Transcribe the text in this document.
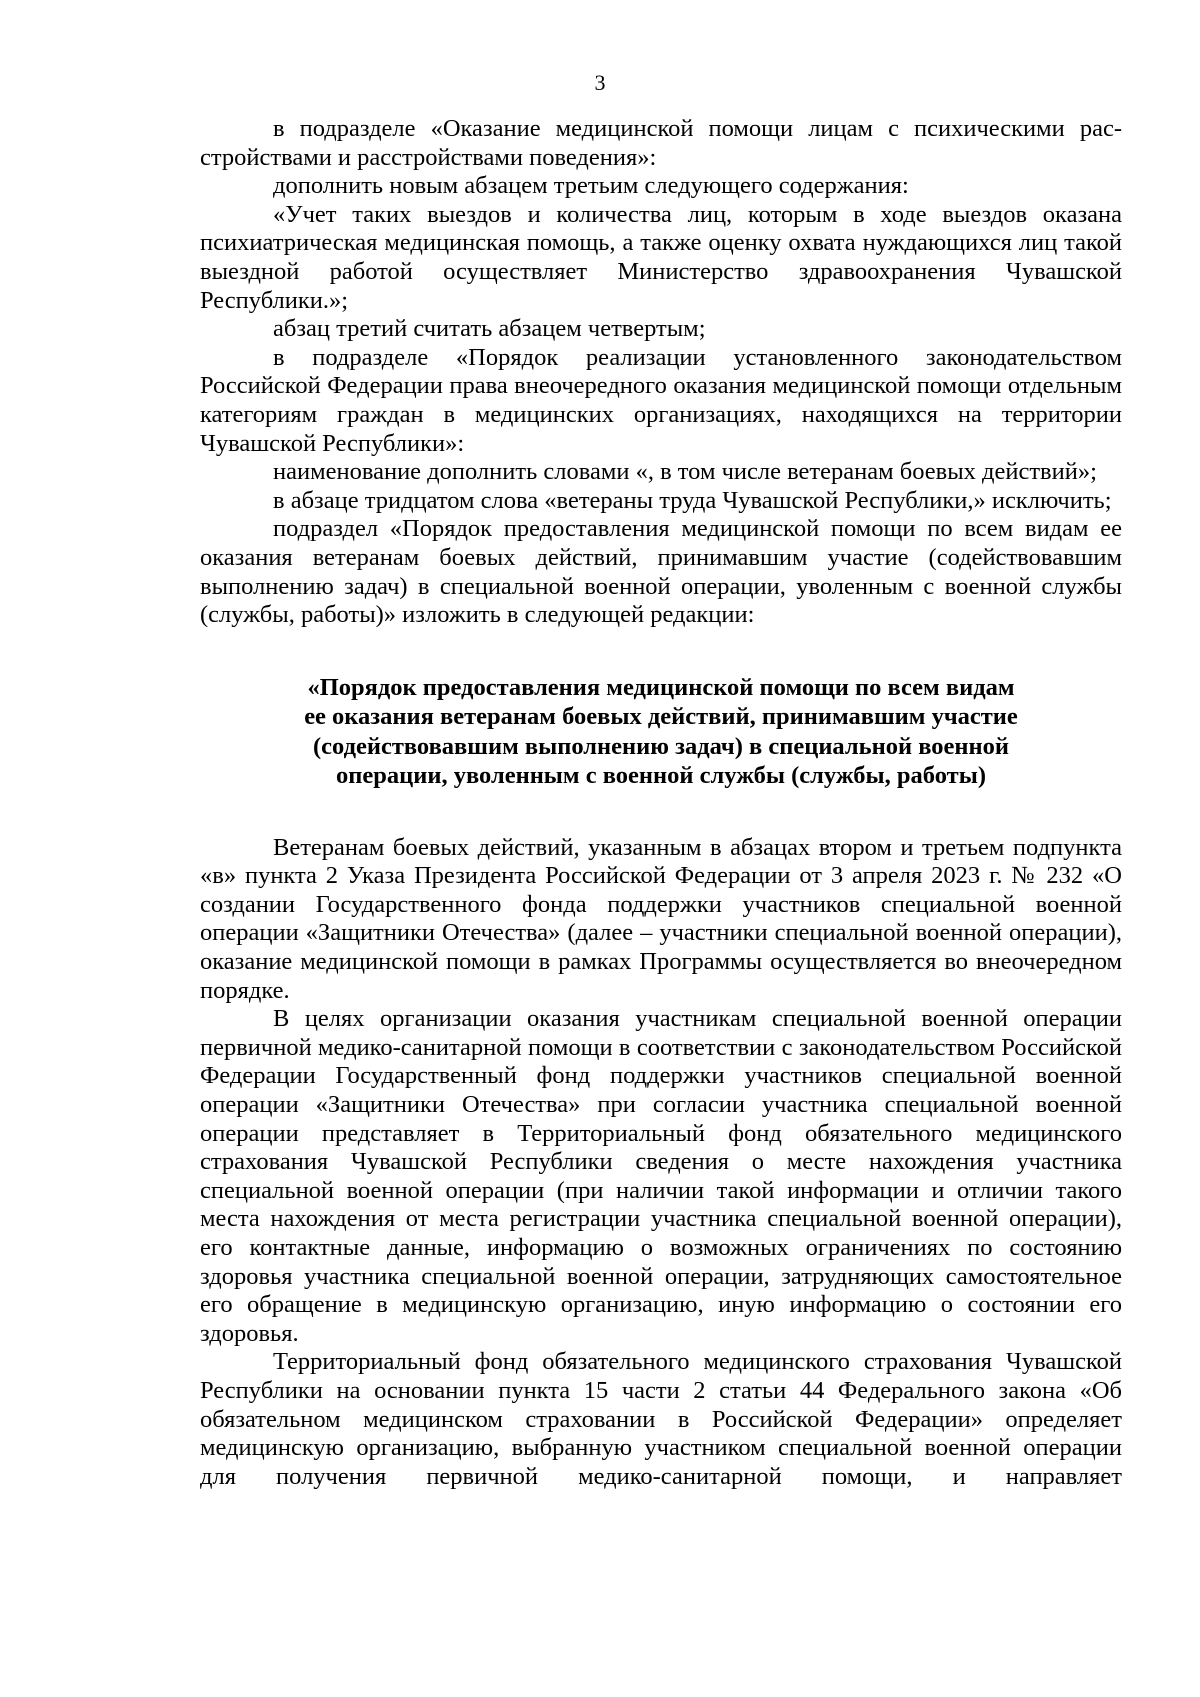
3

в подразделе «Оказание медицинской помощи лицам с психическими расстройствами и расстройствами поведения»:

дополнить новым абзацем третьим следующего содержания:

«Учет таких выездов и количества лиц, которым в ходе выездов оказана психиатрическая медицинская помощь, а также оценку охвата нуждающихся лиц такой выездной работой осуществляет Министерство здравоохранения Чувашской Республики.»;

абзац третий считать абзацем четвертым;

в подразделе «Порядок реализации установленного законодательством Российской Федерации права внеочередного оказания медицинской помощи отдельным категориям граждан в медицинских организациях, находящихся на территории Чувашской Республики»:

наименование дополнить словами «, в том числе ветеранам боевых действий»;

в абзаце тридцатом слова «ветераны труда Чувашской Республики,» исключить;

подраздел «Порядок предоставления медицинской помощи по всем видам ее оказания ветеранам боевых действий, принимавшим участие (содействовавшим выполнению задач) в специальной военной операции, уволенным с военной службы (службы, работы)» изложить в следующей редакции:

«Порядок предоставления медицинской помощи по всем видам
ее оказания ветеранам боевых действий, принимавшим участие
(содействовавшим выполнению задач) в специальной военной
операции, уволенным с военной службы (службы, работы)

Ветеранам боевых действий, указанным в абзацах втором и третьем подпункта «в» пункта 2 Указа Президента Российской Федерации от 3 апреля 2023 г. № 232 «О создании Государственного фонда поддержки участников специальной военной операции «Защитники Отечества» (далее – участники специальной военной операции), оказание медицинской помощи в рамках Программы осуществляется во внеочередном порядке.

В целях организации оказания участникам специальной военной операции первичной медико-санитарной помощи в соответствии с законодательством Российской Федерации Государственный фонд поддержки участников специальной военной операции «Защитники Отечества» при согласии участника специальной военной операции представляет в Территориальный фонд обязательного медицинского страхования Чувашской Республики сведения о месте нахождения участника специальной военной операции (при наличии такой информации и отличии такого места нахождения от места регистрации участника специальной военной операции), его контактные данные, информацию о возможных ограничениях по состоянию здоровья участника специальной военной операции, затрудняющих самостоятельное его обращение в медицинскую организацию, иную информацию о состоянии его здоровья.

Территориальный фонд обязательного медицинского страхования Чувашской Республики на основании пункта 15 части 2 статьи 44 Федерального закона «Об обязательном медицинском страховании в Российской Федерации» определяет медицинскую организацию, выбранную участником специальной военной операции для получения первичной медико-санитарной помощи, и направляет
